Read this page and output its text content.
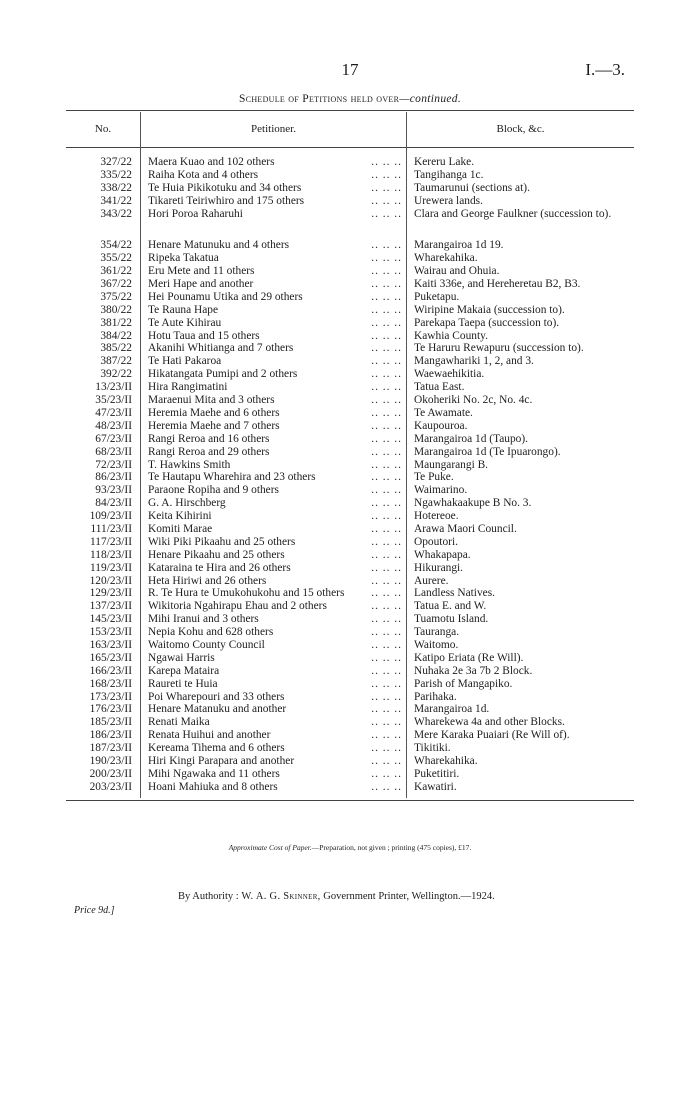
17	I.—3.
Schedule of Petitions held over—continued.
No.	Petitioner.	Block, &c.
327/22 Maera Kuao and 102 others	.. .. .. Kereru Lake.
335/22 Raiha Kota and 4 others	.. .. .. Tangihanga 1c.
338/22 Te Huia Pikikotuku and 34 others	.. .. .. Taumarunui (sections at).
341/22 Tikareti Teiriwhiro and 175 others	.. .. .. Urewera lands.
343/22 Hori Poroa Raharuhi	.. .. .. Clara and George Faulkner (succession to).
354/22 Henare Matunuku and 4 others	.. .. .. Marangairoa 1d 19.
355/22 Ripeka Takatua	.. .. .. Wharekahika.
361/22 Eru Mete and 11 others	.. .. .. Wairau and Ohuia.
367/22 Meri Hape and another	.. .. .. Kaiti 336e, and Hereheretau B2, B3.
375/22 Hei Pounamu Utika and 29 others	.. .. .. Puketapu.
380/22 Te Rauna Hape	.. .. .. Wiripine Makaia (succession to).
381/22 Te Aute Kihirau	.. .. .. Parekapa Taepa (succession to).
384/22 Hotu Taua and 15 others	.. .. .. Kawhia County.
385/22 Akanihi Whitianga and 7 others	.. .. .. Te Haruru Rewapuru (succession to).
387/22 Te Hati Pakaroa	.. .. .. Mangawhariki 1, 2, and 3.
392/22 Hikatangata Pumipi and 2 others	.. .. .. Waewaehikitia.
13/23/II Hira Rangimatini	.. .. .. Tatua East.
35/23/II Maraenui Mita and 3 others	.. .. .. Okoheriki No. 2c, No. 4c.
47/23/II Heremia Maehe and 6 others	.. .. .. Te Awamate.
48/23/II Heremia Maehe and 7 others	.. .. .. Kaupouroa.
67/23/II Rangi Reroa and 16 others	.. .. .. Marangairoa 1d (Taupo).
68/23/II Rangi Reroa and 29 others	.. .. .. Marangairoa 1d (Te Ipuarongo).
72/23/II T. Hawkins Smith	.. .. .. Maungarangi B.
86/23/II Te Hautapu Wharehira and 23 others	.. .. .. Te Puke.
93/23/II Paraone Ropiha and 9 others	.. .. .. Waimarino.
84/23/II G. A. Hirschberg	.. .. .. Ngawhakaakupe B No. 3.
109/23/II Keita Kihirini	.. .. .. Hotereoe.
111/23/II Komiti Marae	.. .. .. Arawa Maori Council.
117/23/II Wiki Piki Pikaahu and 25 others	.. .. .. Opoutori.
118/23/II Henare Pikaahu and 25 others	.. .. .. Whakapapa.
119/23/II Kataraina te Hira and 26 others	.. .. .. Hikurangi.
120/23/II Heta Hiriwi and 26 others	.. .. .. Aurere.
129/23/II R. Te Hura te Umukohukohu and 15 others .. .. .. Landless Natives.
137/23/II Wikitoria Ngahirapu Ehau and 2 others	.. .. .. Tatua E. and W.
145/23/II Mihi Iranui and 3 others	.. .. .. Tuamotu Island.
153/23/II Nepia Kohu and 628 others	.. .. .. Tauranga.
163/23/II Waitomo County Council	.. .. .. Waitomo.
165/23/II Ngawai Harris	.. .. .. Katipo Eriata (Re Will).
166/23/II Karepa Mataira	.. .. .. Nuhaka 2e 3a 7b 2 Block.
168/23/II Raureti te Huia	.. .. .. Parish of Mangapiko.
173/23/II Poi Wharepouri and 33 others	.. .. .. Parihaka.
176/23/II Henare Matanuku and another	.. .. .. Marangairoa 1d.
185/23/II Renati Maika	.. .. .. Wharekewa 4a and other Blocks.
186/23/II Renata Huihui and another	.. .. .. Mere Karaka Puaiari (Re Will of).
187/23/II Kereama Tihema and 6 others	.. .. .. Tikitiki.
190/23/II Hiri Kingi Parapara and another	.. .. .. Wharekahika.
200/23/II Mihi Ngawaka and 11 others	.. .. .. Puketitiri.
203/23/II Hoani Mahiuka and 8 others	.. .. .. Kawatiri.
Approximate Cost of Paper.—Preparation, not given ; printing (475 copies), £17.
By Authority : W. A. G. Skinner, Government Printer, Wellington.—1924.
Price 9d.]
